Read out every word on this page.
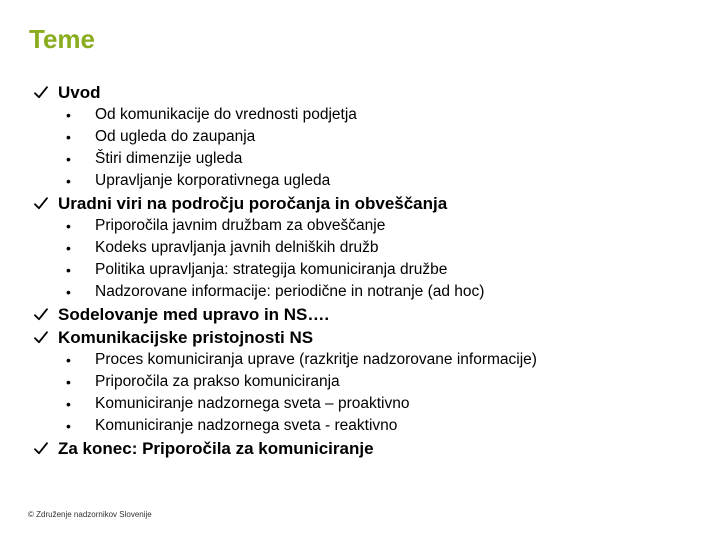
Teme
Uvod
• Od komunikacije do vrednosti podjetja
• Od ugleda do zaupanja
• Štiri dimenzije ugleda
• Upravljanje korporativnega ugleda
Uradni viri na področju poročanja in obveščanja
• Priporočila javnim družbam za obveščanje
• Kodeks upravljanja javnih delniških družb
• Politika upravljanja: strategija komuniciranja družbe
• Nadzorovane informacije: periodične in notranje (ad hoc)
Sodelovanje med upravo in NS….
Komunikacijske pristojnosti NS
• Proces komuniciranja uprave (razkritje nadzorovane informacije)
• Priporočila za prakso komuniciranja
• Komuniciranje nadzornega sveta – proaktivno
• Komuniciranje nadzornega sveta - reaktivno
Za konec: Priporočila za komuniciranje
© Združenje nadzornikov Slovenije
